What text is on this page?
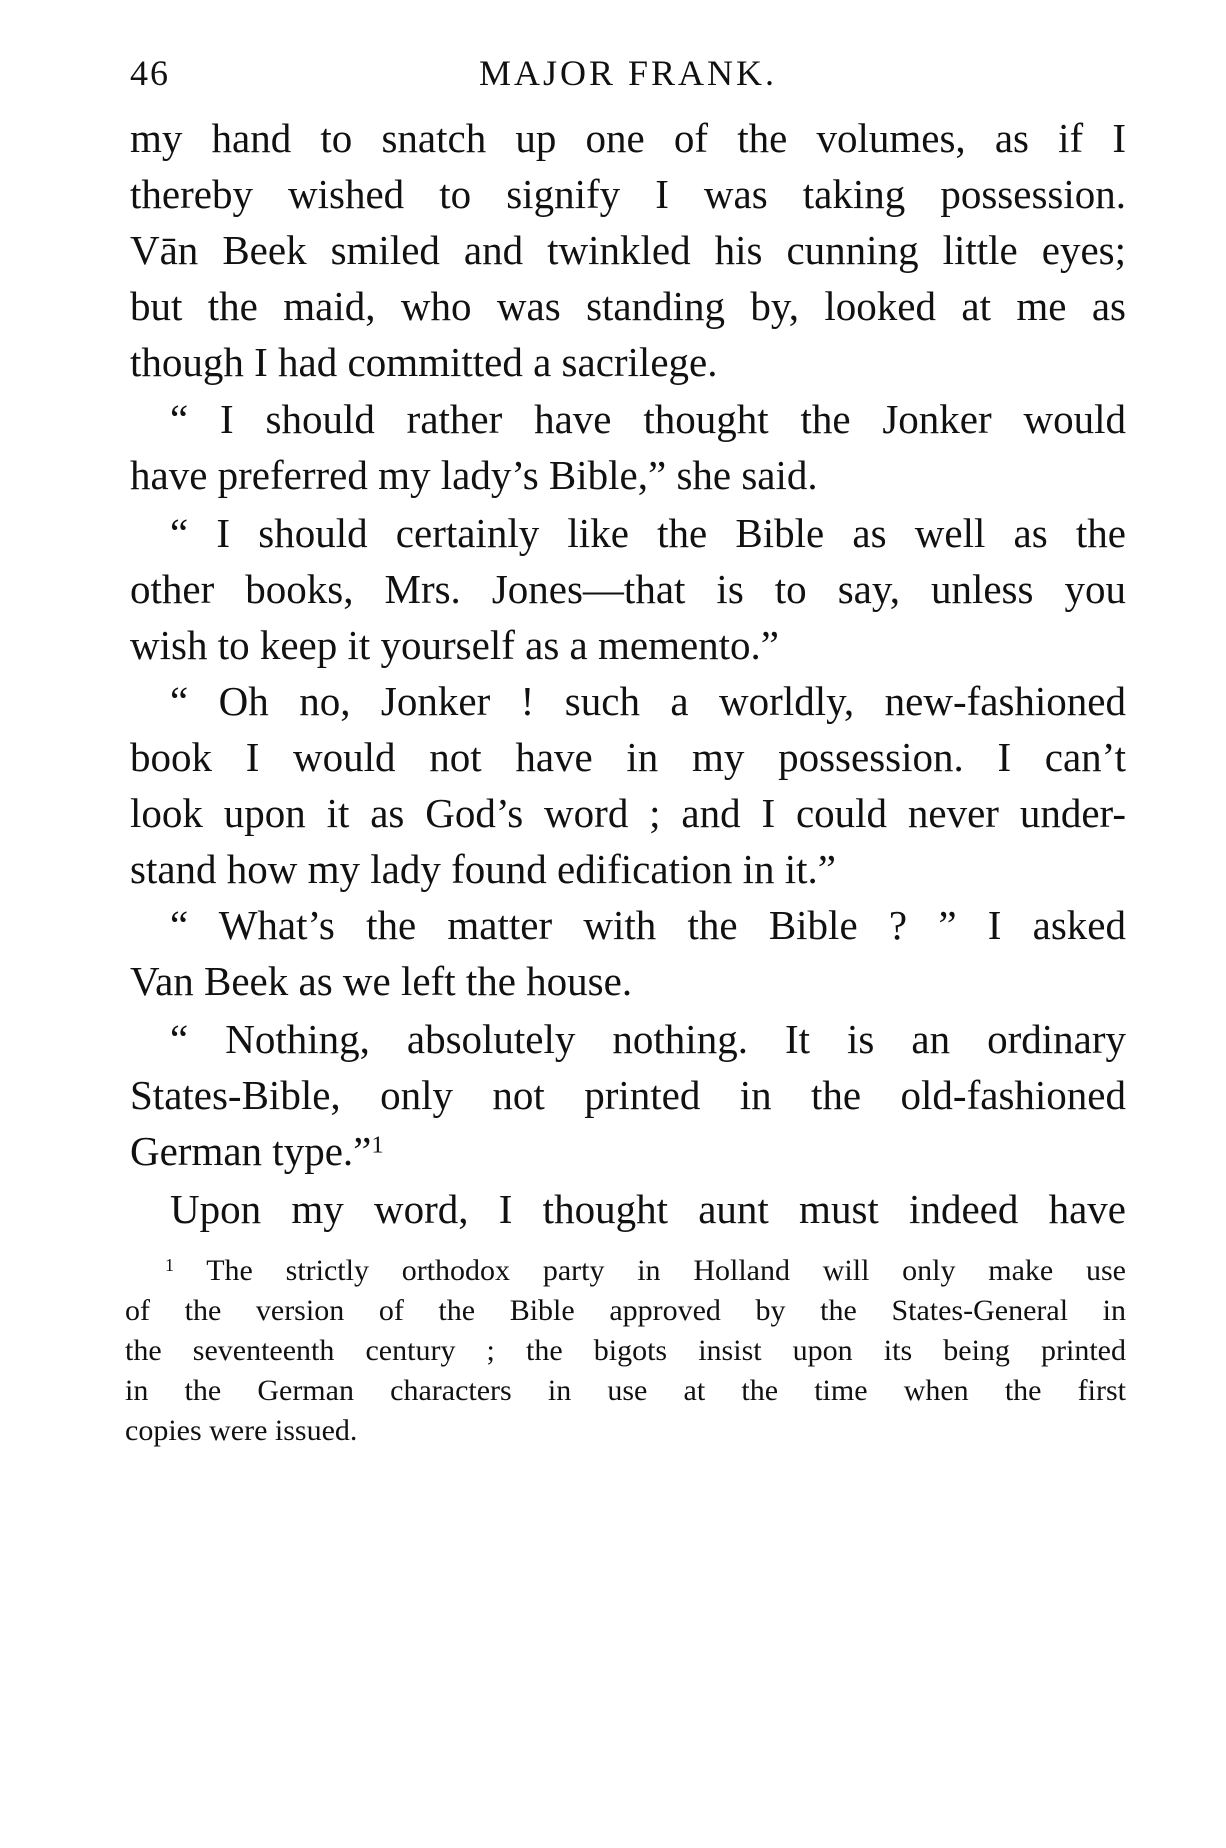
46	MAJOR FRANK.
my hand to snatch up one of the volumes, as if I
thereby wished to signify I was taking possession.
Vān Beek smiled and twinkled his cunning little eyes;
but the maid, who was standing by, looked at me as
though I had committed a sacrilege.
“ I should rather have thought the Jonker would
have preferred my lady’s Bible,” she said.
“ I should certainly like the Bible as well as the
other books, Mrs. Jones—that is to say, unless you
wish to keep it yourself as a memento.”
“ Oh no, Jonker ! such a worldly, new-fashioned
book I would not have in my possession. I can’t
look upon it as God’s word ; and I could never under-
stand how my lady found edification in it.”
“ What’s the matter with the Bible ? ” I asked
Van Beek as we left the house.
“ Nothing, absolutely nothing. It is an ordinary
States-Bible, only not printed in the old-fashioned
German type.”$^1$
Upon my word, I thought aunt must indeed have
$^1$ The strictly orthodox party in Holland will only make use
of the version of the Bible approved by the States-General in
the seventeenth century ; the bigots insist upon its being printed
in the German characters in use at the time when the first
copies were issued.
